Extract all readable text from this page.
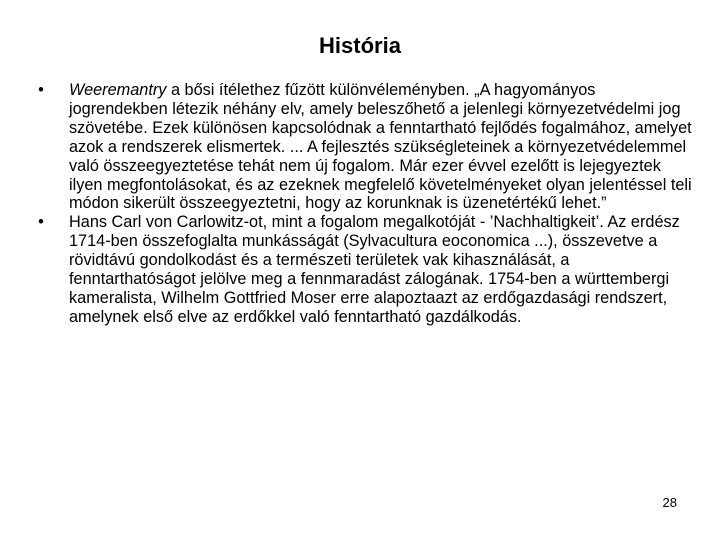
História
• Weeremantry a bősi ítélethez fűzött különvéleményben. „A hagyományos jogrendekben létezik néhány elv, amely beleszőhető a jelenlegi környezetvédelmi jog szövetébe. Ezek különösen kapcsolódnak a fenntartható fejlődés fogalmához, amelyet azok a rendszerek elismertek. ... A fejlesztés szükségleteinek a környezetvédelemmel való összeegyeztetése tehát nem új fogalom. Már ezer évvel ezelőtt is lejegyeztek ilyen megfontolásokat, és az ezeknek megfelelő követelményeket olyan jelentéssel teli módon sikerült összeegyeztetni, hogy az korunknak is üzenetértékű lehet.”
• Hans Carl von Carlowitz-ot, mint a fogalom megalkotóját - ’Nachhaltigkeit’. Az erdész 1714-ben összefoglalta munkásságát (Sylvacultura eoconomica ...), összevetve a rövidtávú gondolkodást és a természeti területek vak kihasználását, a fenntarthatóságot jelölve meg a fennmaradást zálogának. 1754-ben a württembergi kameralista, Wilhelm Gottfried Moser erre alapoztaazt az erdőgazdasági rendszert, amelynek első elve az erdőkkel való fenntartható gazdálkodás.
28
